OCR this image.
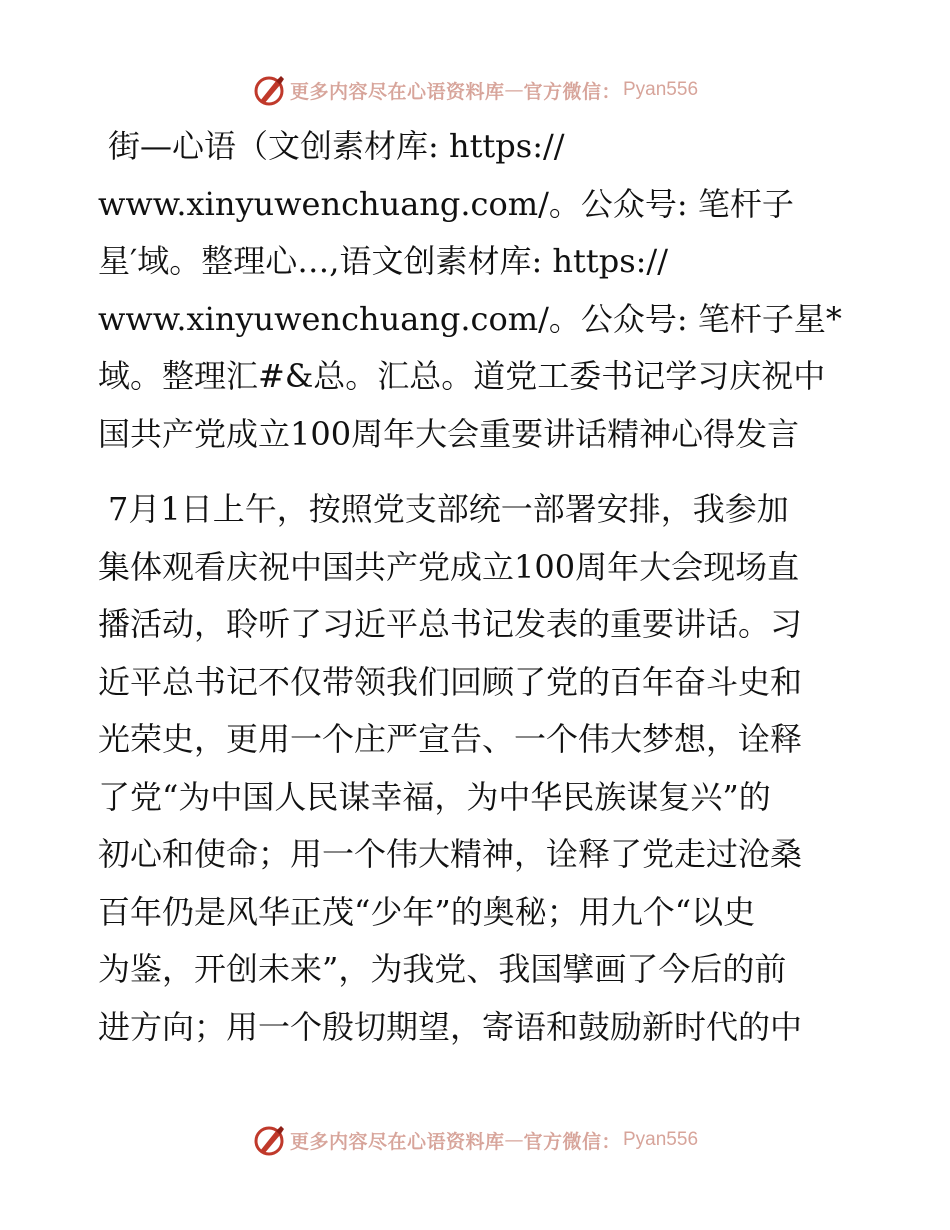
更多内容尽在心语资料库 — 官方微信： Pyan556
街—心语（文创素材库: https://
www.xinyuwenchuang.com/。公众号: 笔杆子
星′域。整理心…,语文创素材库: https://
www.xinyuwenchuang.com/。公众号: 笔杆子星*
域。整理汇#&总。汇总。道党工委书记学习庆祝中
国共产党成立100周年大会重要讲话精神心得发言
7月1日上午，按照党支部统一部署安排，我参加
集体观看庆祝中国共产党成立100周年大会现场直
播活动，聆听了习近平总书记发表的重要讲话。习
近平总书记不仅带领我们回顾了党的百年奋斗史和
光荣史，更用一个庄严宣告、一个伟大梦想，诠释
了党“为中国人民谋幸福，为中华民族谋复兴”的
初心和使命；用一个伟大精神，诠释了党走过沧桑
百年仍是风华正茂“少年”的奥秘；用九个“以史
为鉴，开创未来”，为我党、我国擘画了今后的前
进方向；用一个殷切期望，寄语和鼓励新时代的中
更多内容尽在心语资料库 — 官方微信： Pyan556
